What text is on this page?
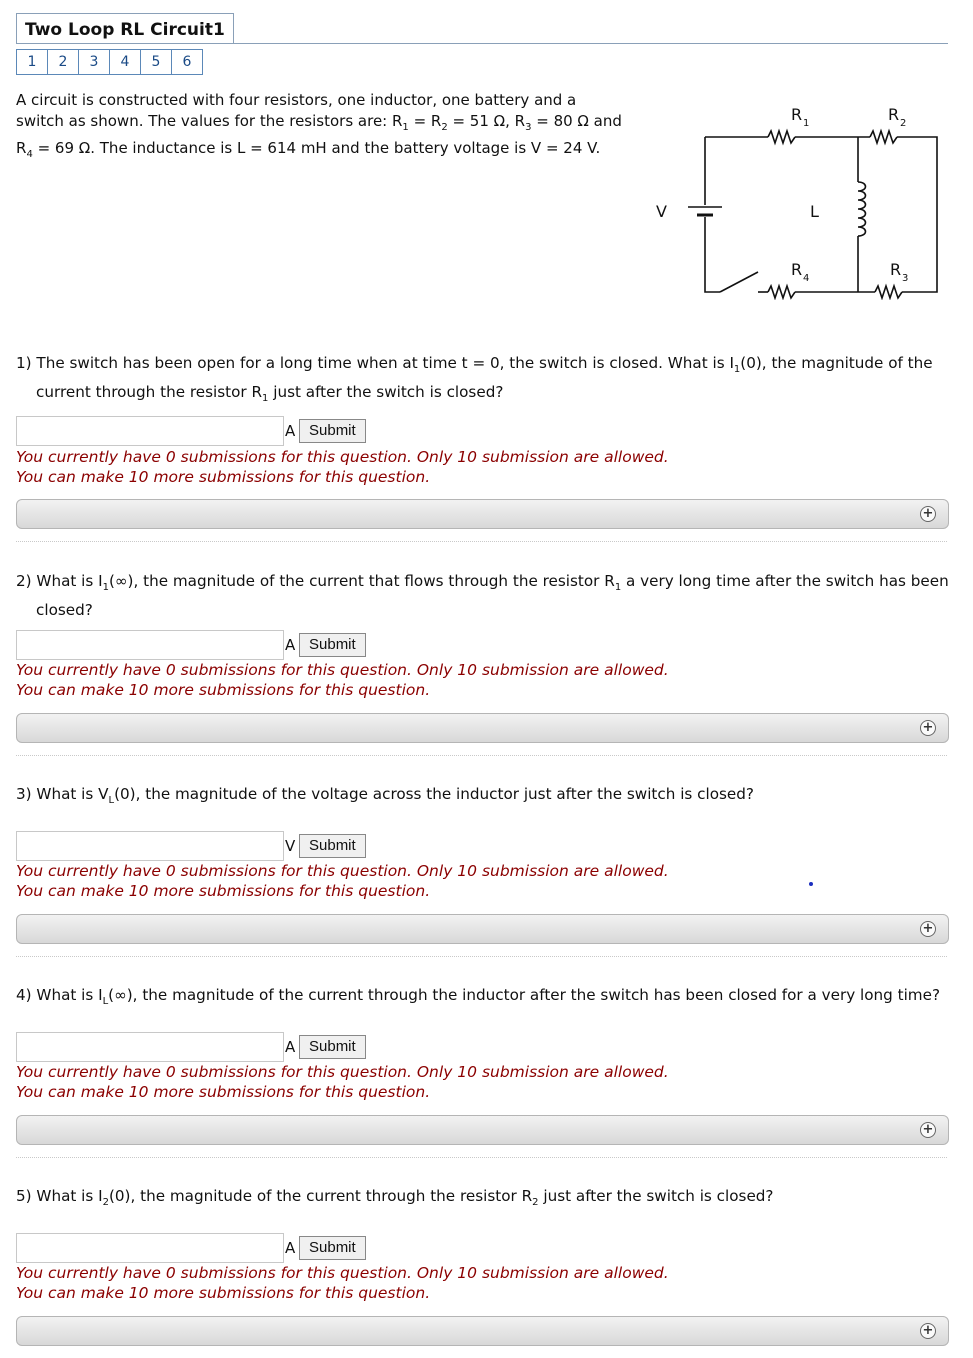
Two Loop RL Circuit1
1	2	3	4	5	6
A circuit is constructed with four resistors, one inductor, one battery and a
switch as shown. The values for the resistors are: $R_1 = R_2 = 51$ Ω, $R_3 = 80$ Ω and
$R_4 = 69$ Ω. The inductance is L = 614 mH and the battery voltage is V = 24 V.
R 1	R 2
R 4	R 3
L
V
1) The switch has been open for a long time when at time t = 0, the switch is closed. What is $I_1(0)$, the magnitude of the current through the resistor $R_1$ just after the switch is closed?
A Submit
You currently have 0 submissions for this question. Only 10 submission are allowed.
You can make 10 more submissions for this question.
+
2) What is $I_1(\infty)$, the magnitude of the current that flows through the resistor $R_1$ a very long time after the switch has been closed?
A Submit
You currently have 0 submissions for this question. Only 10 submission are allowed.
You can make 10 more submissions for this question.
+
3) What is $V_L(0)$, the magnitude of the voltage across the inductor just after the switch is closed?
V Submit
You currently have 0 submissions for this question. Only 10 submission are allowed.
You can make 10 more submissions for this question.
+
4) What is $I_L(\infty)$, the magnitude of the current through the inductor after the switch has been closed for a very long time?
A Submit
You currently have 0 submissions for this question. Only 10 submission are allowed.
You can make 10 more submissions for this question.
+
5) What is $I_2(0)$, the magnitude of the current through the resistor $R_2$ just after the switch is closed?
A Submit
You currently have 0 submissions for this question. Only 10 submission are allowed.
You can make 10 more submissions for this question.
+
